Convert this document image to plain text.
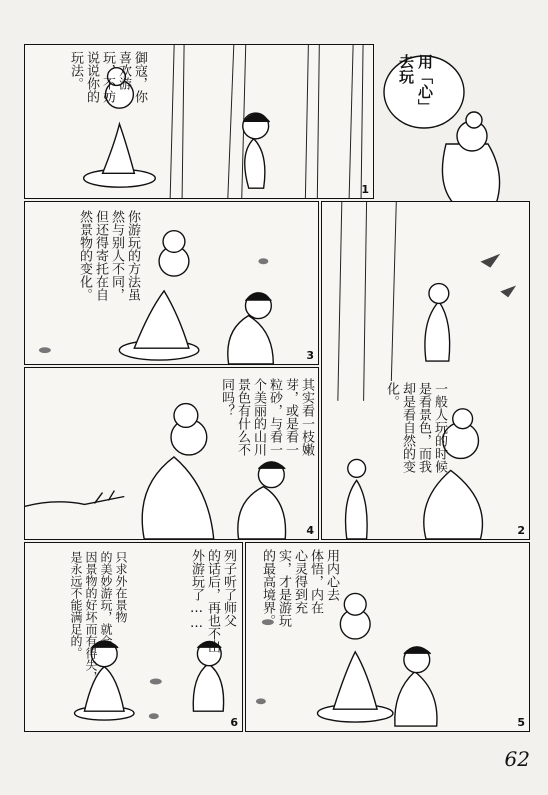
御寇，你
喜欢游
玩，不妨
说说你的
玩法。
1
用「心」
去玩
你游玩的方法虽
然与别人不同，
但还得寄托在自
然景物的变化。
3
一般人玩的时候
是看景色，而我
却是看自然的变
化。
2
其实看一枝嫩
芽，或是看一
粒砂，与看一
个美丽的山川
景色有什么不
同吗？
4
用内心去
体悟，内在
心灵得到充
实，才是游玩
的最高境界。
5
列子听了师父
的话后，再也不出
外游玩了……
只求外在景物
的美妙游玩，就会
因景物的好坏而有得失，
是永远不能满足的。
6
62
